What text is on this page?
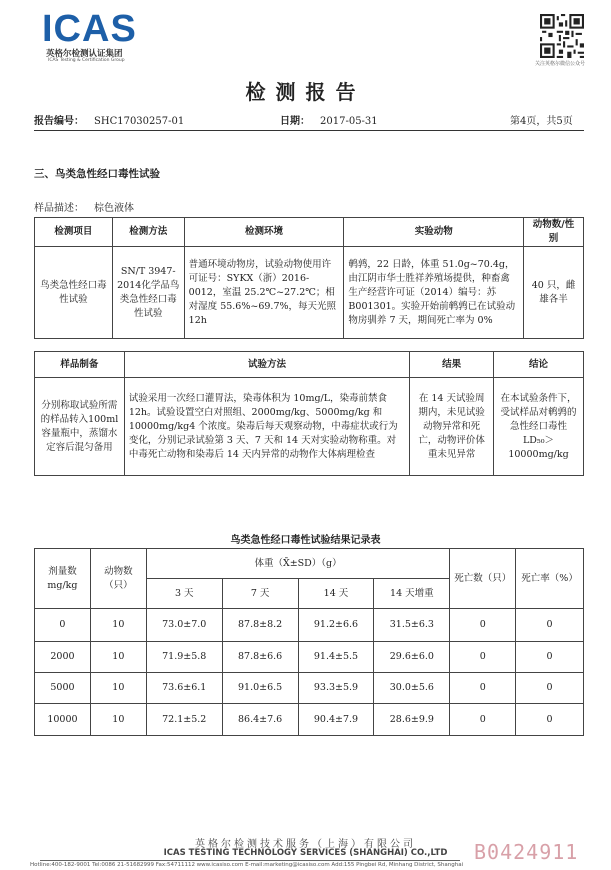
ICAS
英格尔检测认证集团
ICAS Testing & Certification Group
关注英格尔微信公众号
检测报告
报告编号： SHC17030257-01	日期： 2017-05-31	第4页，共5页
三、鸟类急性经口毒性试验
样品描述： 棕色液体
检测项目	检测方法	检测环境	实验动物	动物数/性别
鸟类急性经口毒性试验	SN/T 3947-2014化学品鸟类急性经口毒性试验	普通环境动物房，试验动物使用许可证号：SYKX（浙）2016-0012，室温 25.2℃~27.2℃；相对湿度 55.6%~69.7%，每天光照 12h	鹌鹑，22 日龄，体重 51.0g~70.4g，由江阴市华士胜祥养殖场提供，种畜禽生产经营许可证（2014）编号：苏B001301。实验开始前鹌鹑已在试验动物房驯养 7 天，期间死亡率为 0%	40 只，雌雄各半
样品制备	试验方法	结果	结论
分别称取试验所需的样品转入100ml 容量瓶中，蒸馏水定容后混匀备用	试验采用一次经口灌胃法，染毒体积为 10mg/L，染毒前禁食 12h。试验设置空白对照组、2000mg/kg、5000mg/kg 和 10000mg/kg4 个浓度。染毒后每天观察动物，中毒症状或行为变化，分别记录试验第 3 天、7 天和 14 天对实验动物称重。对中毒死亡动物和染毒后 14 天内异常的动物作大体病理检查	在 14 天试验周期内，未见试验动物异常和死亡，动物评价体重未见异常	在本试验条件下，受试样品对鹌鹑的急性经口毒性 LD₅₀＞10000mg/kg
鸟类急性经口毒性试验结果记录表
剂量数 mg/kg	动物数（只）	体重（X̄±SD）（g）				死亡数（只）	死亡率（%）
		3 天	7 天	14 天	14 天增重		
0	10	73.0±7.0	87.8±8.2	91.2±6.6	31.5±6.3	0	0
2000	10	71.9±5.8	87.8±6.6	91.4±5.5	29.6±6.0	0	0
5000	10	73.6±6.1	91.0±6.5	93.3±5.9	30.0±5.6	0	0
10000	10	72.1±5.2	86.4±7.6	90.4±7.9	28.6±9.9	0	0
英格尔检测技术服务（上海）有限公司
ICAS TESTING TECHNOLOGY SERVICES (SHANGHAI) CO.,LTD
Hotline:400-182-9001 Tel:0086 21-51682999 Fax:54711112 www.icasiso.com E-mail:marketing@icasiso.com Add:155 Pingbei Rd, Minhang District, Shanghai
B0424911
